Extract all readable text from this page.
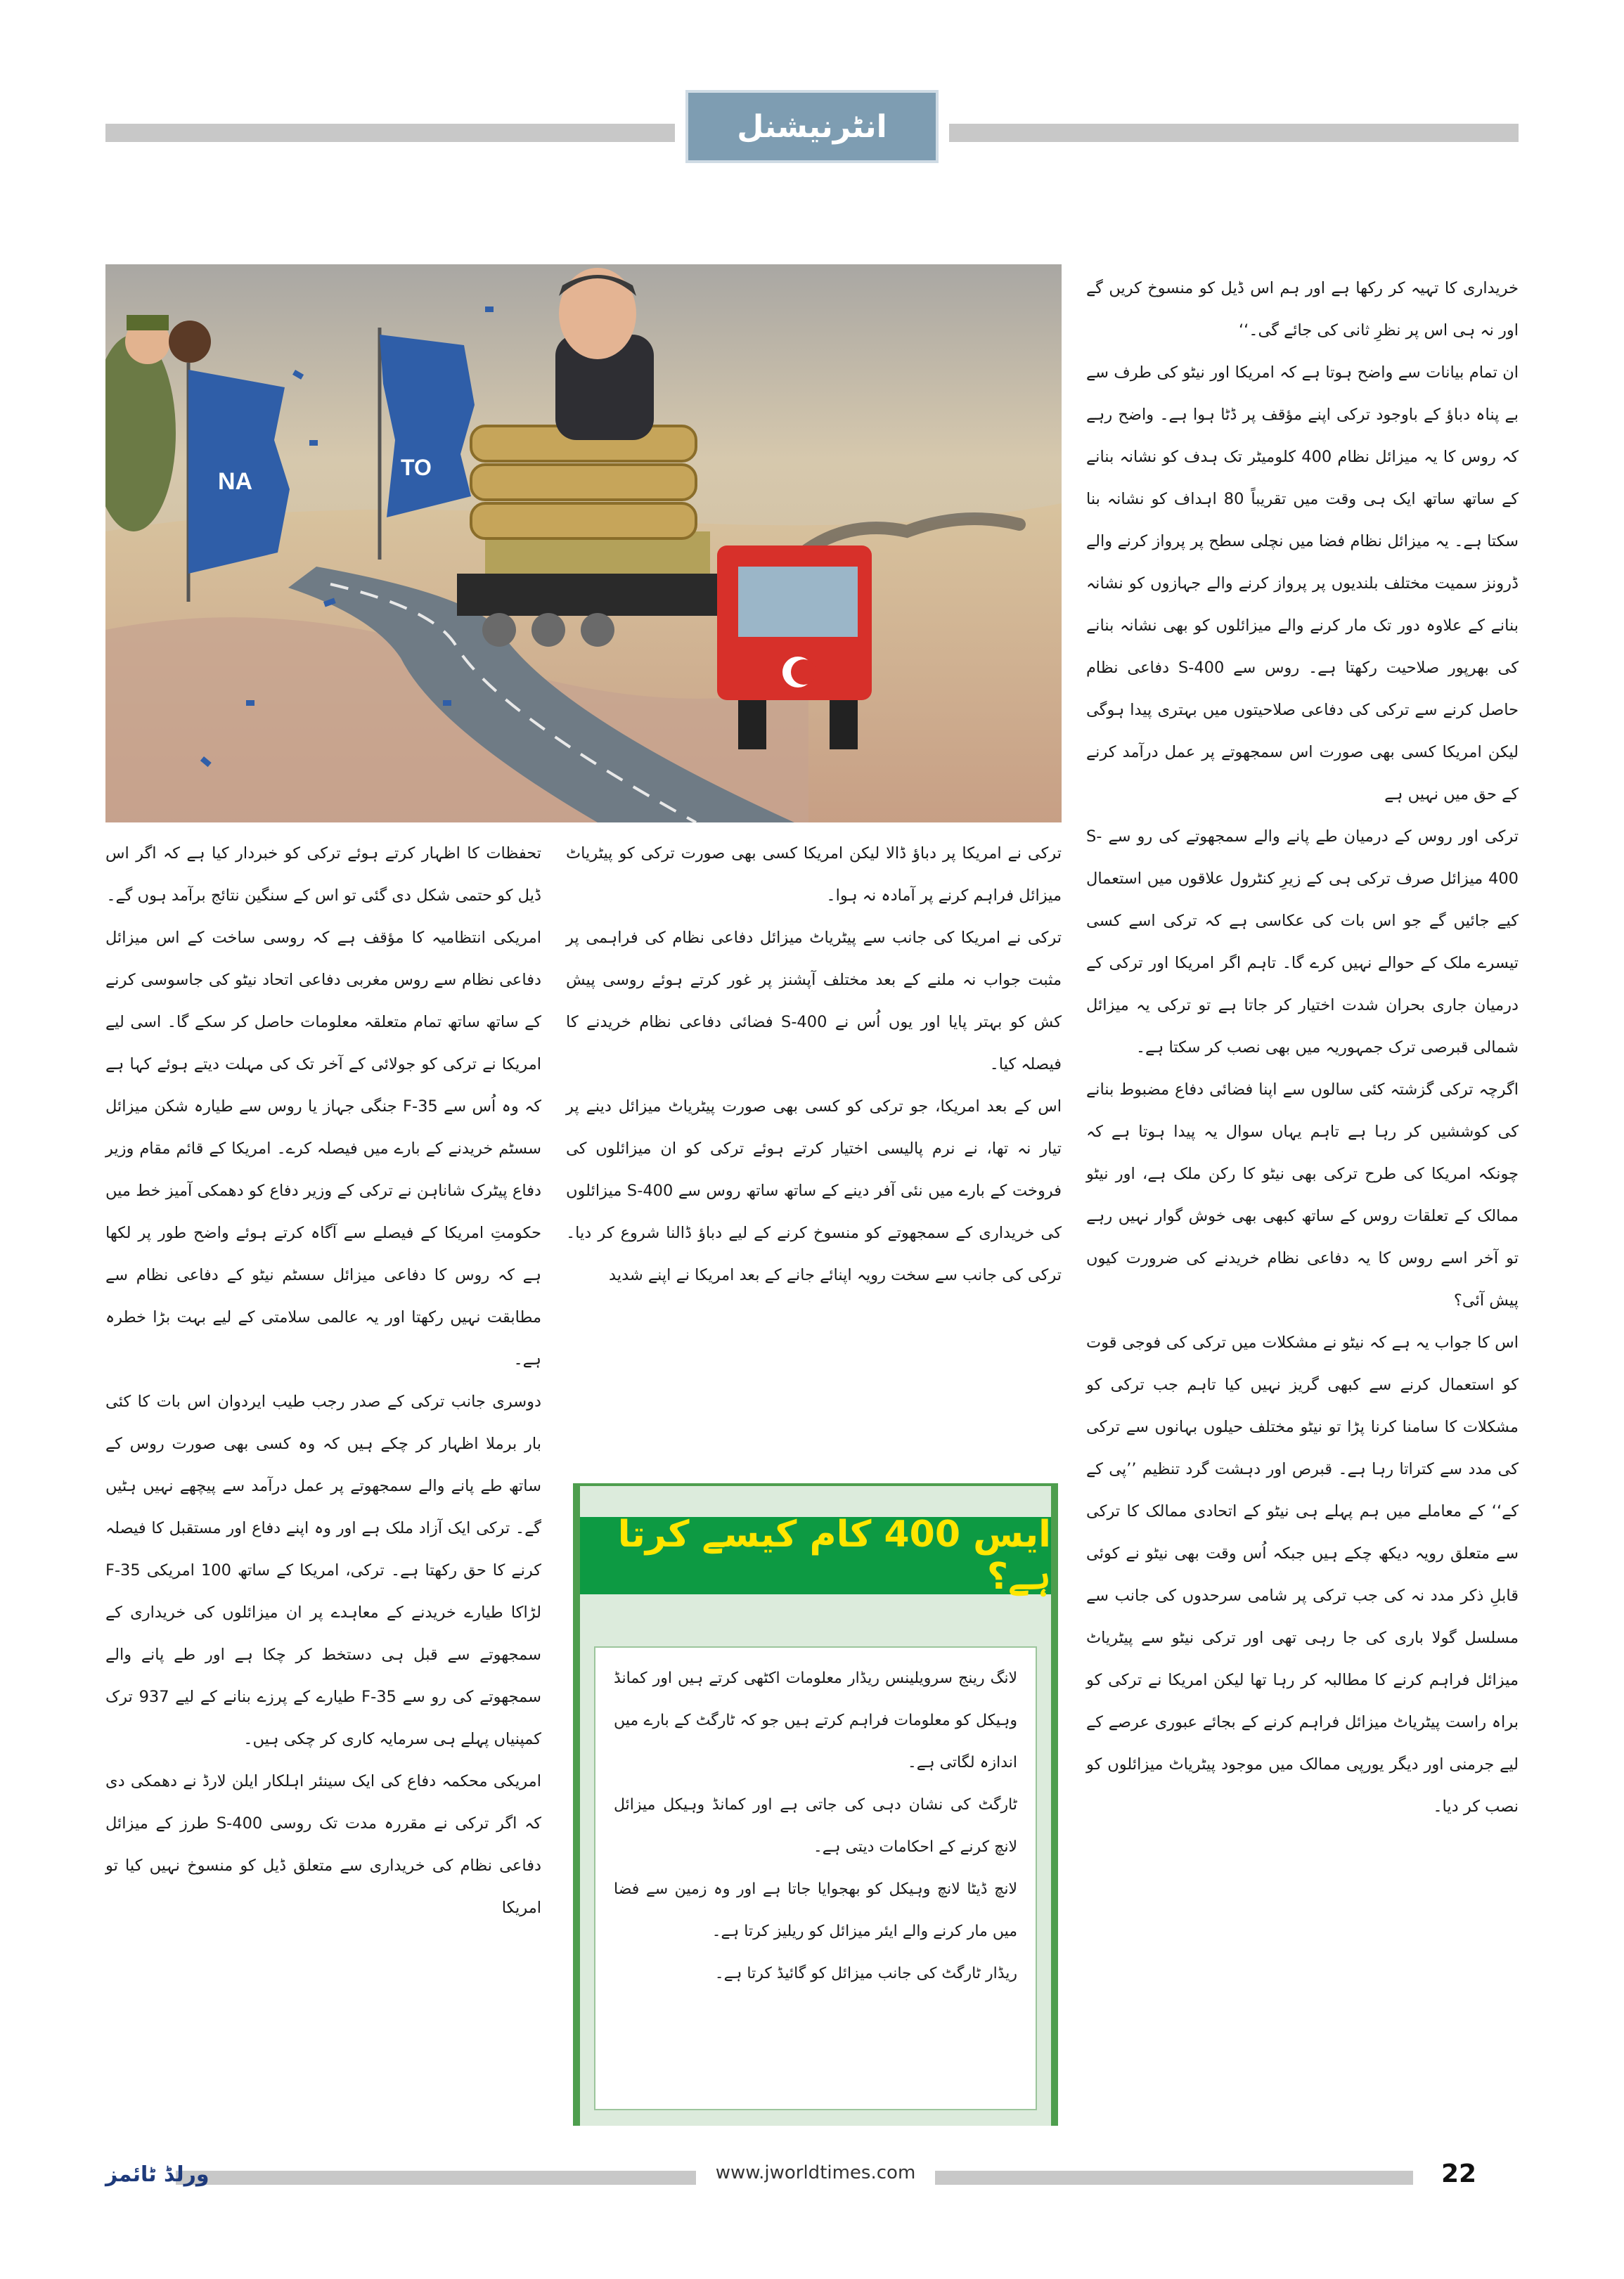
انٹرنیشنل
NA
TO

خریداری کا تہیہ کر رکھا ہے اور ہم اس ڈیل کو منسوخ کریں گے اور نہ ہی اس پر نظرِ ثانی کی جائے گی۔‘‘

ان تمام بیانات سے واضح ہوتا ہے کہ امریکا اور نیٹو کی طرف سے بے پناہ دباؤ کے باوجود ترکی اپنے مؤقف پر ڈٹا ہوا ہے۔ واضح رہے کہ روس کا یہ میزائل نظام 400 کلومیٹر تک ہدف کو نشانہ بنانے کے ساتھ ساتھ ایک ہی وقت میں تقریباً 80 اہداف کو نشانہ بنا سکتا ہے۔ یہ میزائل نظام فضا میں نچلی سطح پر پرواز کرنے والے ڈرونز سمیت مختلف بلندیوں پر پرواز کرنے والے جہازوں کو نشانہ بنانے کے علاوہ دور تک مار کرنے والے میزائلوں کو بھی نشانہ بنانے کی بھرپور صلاحیت رکھتا ہے۔ روس سے S-400 دفاعی نظام حاصل کرنے سے ترکی کی دفاعی صلاحیتوں میں بہتری پیدا ہوگی لیکن امریکا کسی بھی صورت اس سمجھوتے پر عمل درآمد کرنے کے حق میں نہیں ہے

ترکی اور روس کے درمیان طے پانے والے سمجھوتے کی رو سے S-400 میزائل صرف ترکی ہی کے زیرِ کنٹرول علاقوں میں استعمال کیے جائیں گے جو اس بات کی عکاسی ہے کہ ترکی اسے کسی تیسرے ملک کے حوالے نہیں کرے گا۔ تاہم اگر امریکا اور ترکی کے درمیان جاری بحران شدت اختیار کر جاتا ہے تو ترکی یہ میزائل شمالی قبرصی ترک جمہوریہ میں بھی نصب کر سکتا ہے۔

اگرچہ ترکی گزشتہ کئی سالوں سے اپنا فضائی دفاع مضبوط بنانے کی کوششیں کر رہا ہے تاہم یہاں سوال یہ پیدا ہوتا ہے کہ چونکہ امریکا کی طرح ترکی بھی نیٹو کا رکن ملک ہے، اور نیٹو ممالک کے تعلقات روس کے ساتھ کبھی بھی خوش گوار نہیں رہے تو آخر اسے روس کا یہ دفاعی نظام خریدنے کی ضرورت کیوں پیش آئی؟

اس کا جواب یہ ہے کہ نیٹو نے مشکلات میں ترکی کی فوجی قوت کو استعمال کرنے سے کبھی گریز نہیں کیا تاہم جب ترکی کو مشکلات کا سامنا کرنا پڑا تو نیٹو مختلف حیلوں بہانوں سے ترکی کی مدد سے کتراتا رہا ہے۔ قبرص اور دہشت گرد تنظیم ’’پی کے کے‘‘ کے معاملے میں ہم پہلے ہی نیٹو کے اتحادی ممالک کا ترکی سے متعلق رویہ دیکھ چکے ہیں جبکہ اُس وقت بھی نیٹو نے کوئی قابلِ ذکر مدد نہ کی جب ترکی پر شامی سرحدوں کی جانب سے مسلسل گولا باری کی جا رہی تھی اور ترکی نیٹو سے پیٹریاٹ میزائل فراہم کرنے کا مطالبہ کر رہا تھا لیکن امریکا نے ترکی کو براہ راست پیٹریاٹ میزائل فراہم کرنے کے بجائے عبوری عرصے کے لیے جرمنی اور دیگر یورپی ممالک میں موجود پیٹریاٹ میزائلوں کو نصب کر دیا۔

ترکی نے امریکا پر دباؤ ڈالا لیکن امریکا کسی بھی صورت ترکی کو پیٹریاٹ میزائل فراہم کرنے پر آمادہ نہ ہوا۔

ترکی نے امریکا کی جانب سے پیٹریاٹ میزائل دفاعی نظام کی فراہمی پر مثبت جواب نہ ملنے کے بعد مختلف آپشنز پر غور کرتے ہوئے روسی پیش کش کو بہتر پایا اور یوں اُس نے S-400 فضائی دفاعی نظام خریدنے کا فیصلہ کیا۔

اس کے بعد امریکا، جو ترکی کو کسی بھی صورت پیٹریاٹ میزائل دینے پر تیار نہ تھا، نے نرم پالیسی اختیار کرتے ہوئے ترکی کو ان میزائلوں کی فروخت کے بارے میں نئی آفر دینے کے ساتھ ساتھ روس سے S-400 میزائلوں کی خریداری کے سمجھوتے کو منسوخ کرنے کے لیے دباؤ ڈالنا شروع کر دیا۔ ترکی کی جانب سے سخت رویہ اپنائے جانے کے بعد امریکا نے اپنے شدید

تحفظات کا اظہار کرتے ہوئے ترکی کو خبردار کیا ہے کہ اگر اس ڈیل کو حتمی شکل دی گئی تو اس کے سنگین نتائج برآمد ہوں گے۔

امریکی انتظامیہ کا مؤقف ہے کہ روسی ساخت کے اس میزائل دفاعی نظام سے روس مغربی دفاعی اتحاد نیٹو کی جاسوسی کرنے کے ساتھ ساتھ تمام متعلقہ معلومات حاصل کر سکے گا۔ اسی لیے امریکا نے ترکی کو جولائی کے آخر تک کی مہلت دیتے ہوئے کہا ہے کہ وہ اُس سے F-35 جنگی جہاز یا روس سے طیارہ شکن میزائل سسٹم خریدنے کے بارے میں فیصلہ کرے۔ امریکا کے قائم مقام وزیر دفاع پیٹرک شاناہن نے ترکی کے وزیر دفاع کو دھمکی آمیز خط میں حکومتِ امریکا کے فیصلے سے آگاہ کرتے ہوئے واضح طور پر لکھا ہے کہ روس کا دفاعی میزائل سسٹم نیٹو کے دفاعی نظام سے مطابقت نہیں رکھتا اور یہ عالمی سلامتی کے لیے بہت بڑا خطرہ ہے۔

دوسری جانب ترکی کے صدر رجب طیب ایردوان اس بات کا کئی بار برملا اظہار کر چکے ہیں کہ وہ کسی بھی صورت روس کے ساتھ طے پانے والے سمجھوتے پر عمل درآمد سے پیچھے نہیں ہٹیں گے۔ ترکی ایک آزاد ملک ہے اور وہ اپنے دفاع اور مستقبل کا فیصلہ کرنے کا حق رکھتا ہے۔ ترکی، امریکا کے ساتھ 100 امریکی F-35 لڑاکا طیارے خریدنے کے معاہدے پر ان میزائلوں کی خریداری کے سمجھوتے سے قبل ہی دستخط کر چکا ہے اور طے پانے والے سمجھوتے کی رو سے F-35 طیارے کے پرزے بنانے کے لیے 937 ترک کمپنیاں پہلے ہی سرمایہ کاری کر چکی ہیں۔

امریکی محکمہ دفاع کی ایک سینئر اہلکار ایلن لارڈ نے دھمکی دی کہ اگر ترکی نے مقررہ مدت تک روسی S-400 طرز کے میزائل دفاعی نظام کی خریداری سے متعلق ڈیل کو منسوخ نہیں کیا تو امریکا

ایس 400 کام کیسے کرتا ہے؟

لانگ رینج سرویلینس ریڈار معلومات اکٹھی کرتے ہیں اور کمانڈ وہیکل کو معلومات فراہم کرتے ہیں جو کہ ٹارگٹ کے بارے میں اندازہ لگاتی ہے۔

ٹارگٹ کی نشان دہی کی جاتی ہے اور کمانڈ وہیکل میزائل لانچ کرنے کے احکامات دیتی ہے۔

لانچ ڈیٹا لانچ وہیکل کو بھجوایا جاتا ہے اور وہ زمین سے فضا میں مار کرنے والے ایئر میزائل کو ریلیز کرتا ہے۔

ریڈار ٹارگٹ کی جانب میزائل کو گائیڈ کرتا ہے۔

ورلڈ ٹائمز	www.jworldtimes.com	22
